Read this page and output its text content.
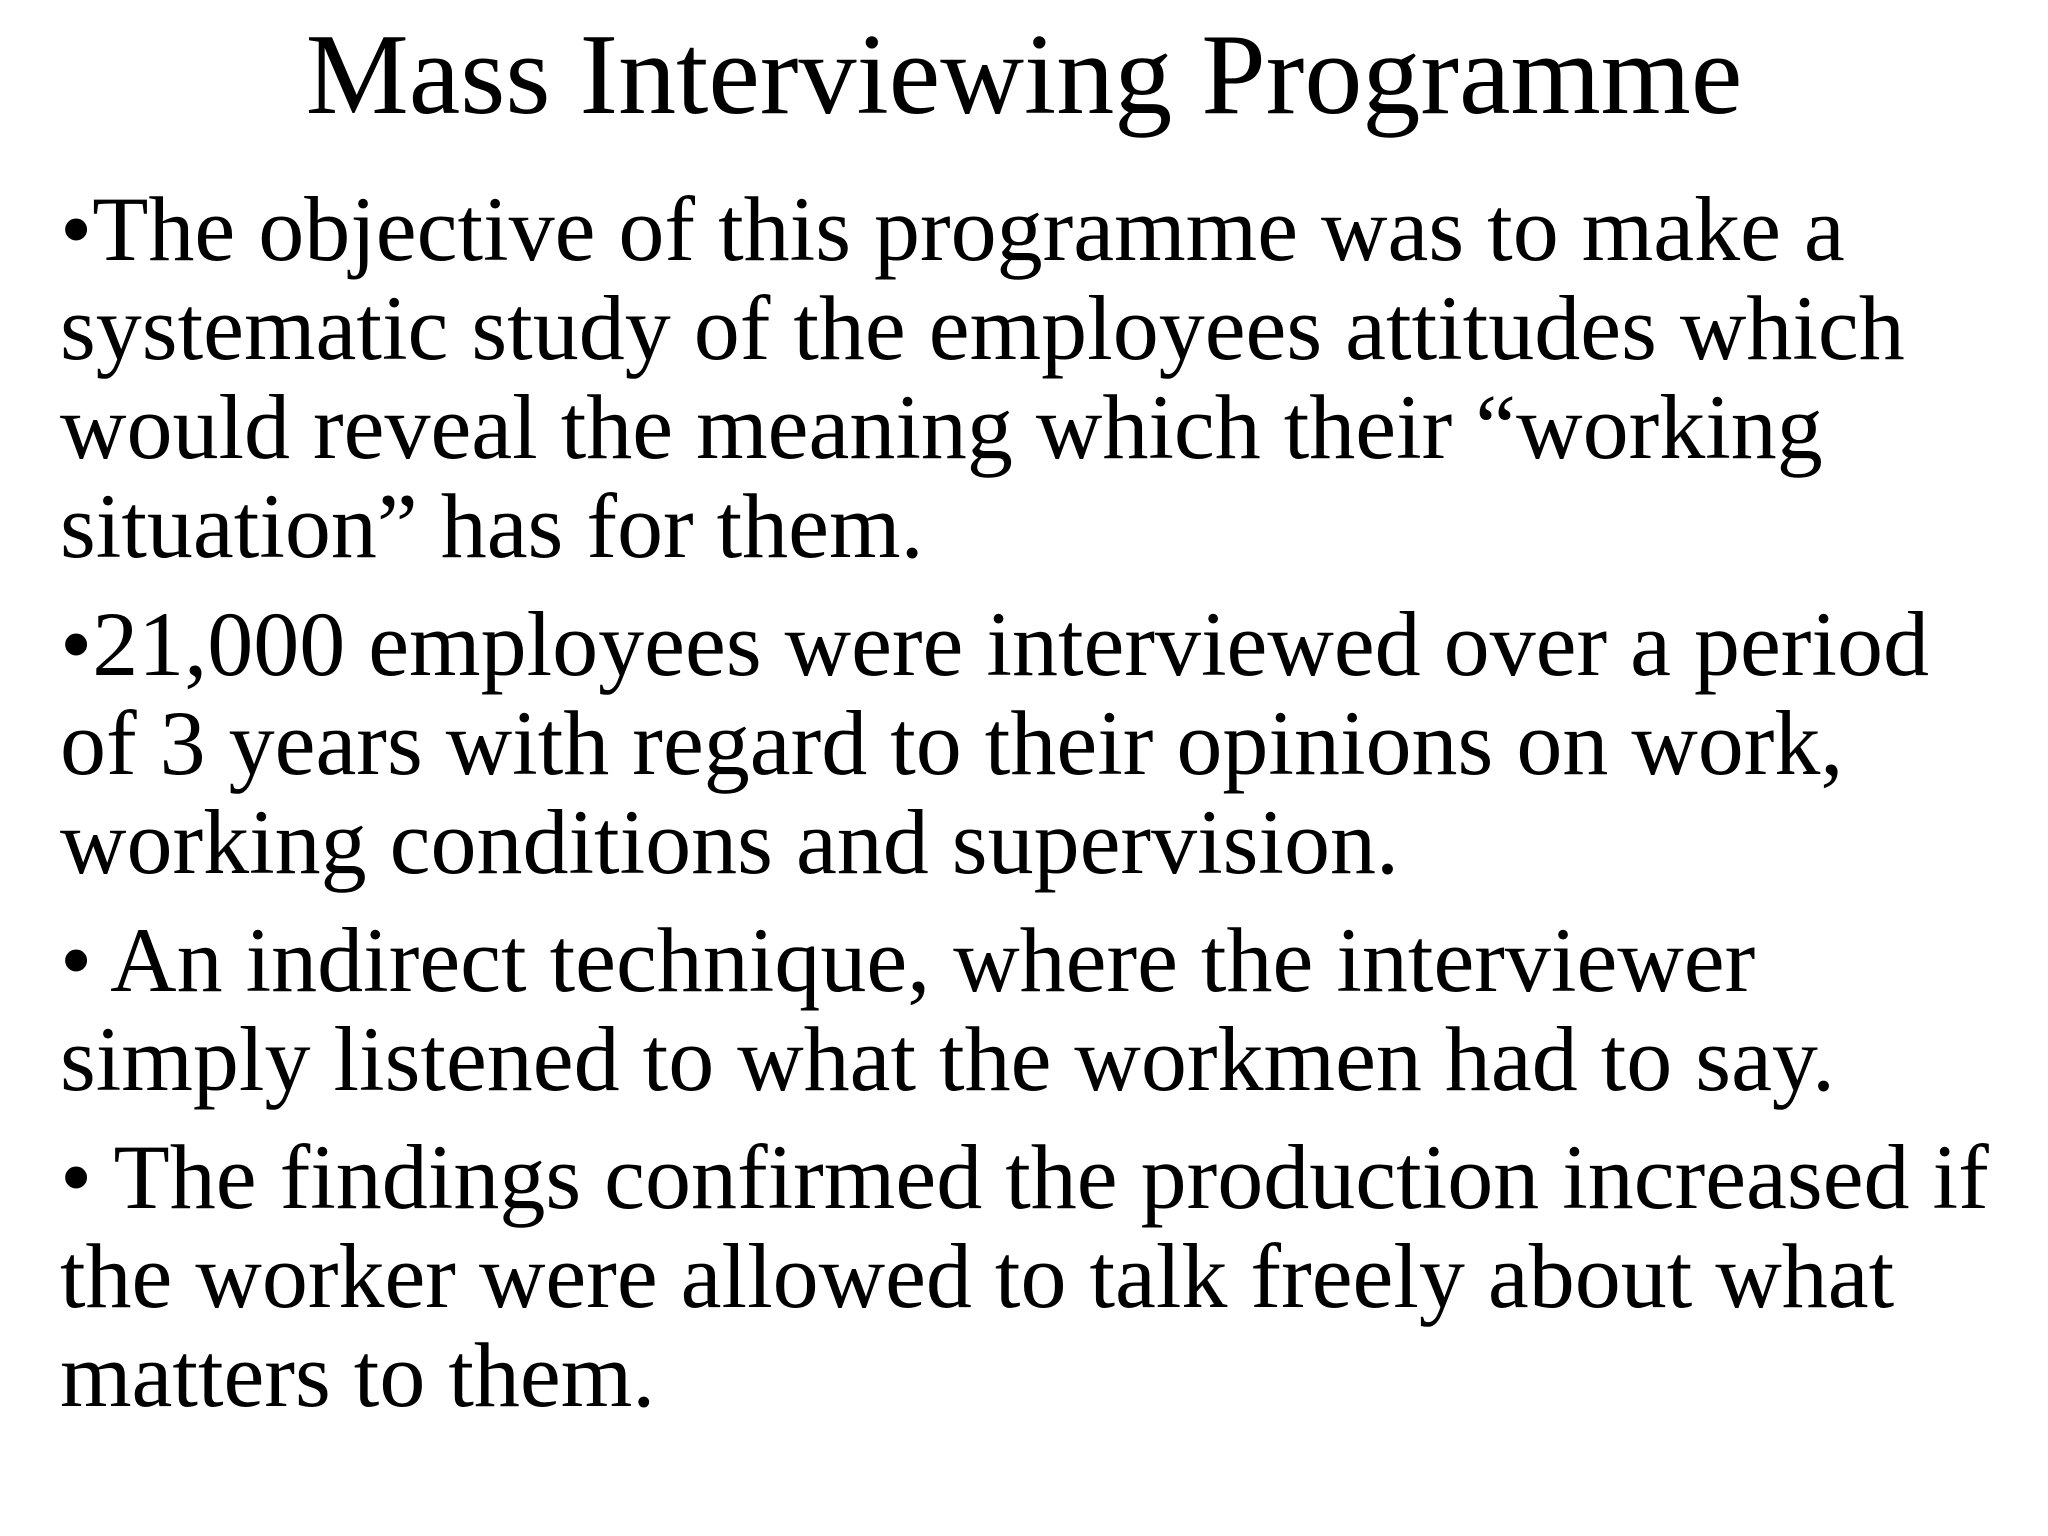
Mass Interviewing Programme
•The objective of this programme was to make a systematic study of the employees attitudes which would reveal the meaning which their “working situation” has for them.
•21,000 employees were interviewed over a period of 3 years with regard to their opinions on work, working conditions and supervision.
• An indirect technique, where the interviewer simply listened to what the workmen had to say.
• The findings confirmed the production increased if the worker were allowed to talk freely about what matters to them.
